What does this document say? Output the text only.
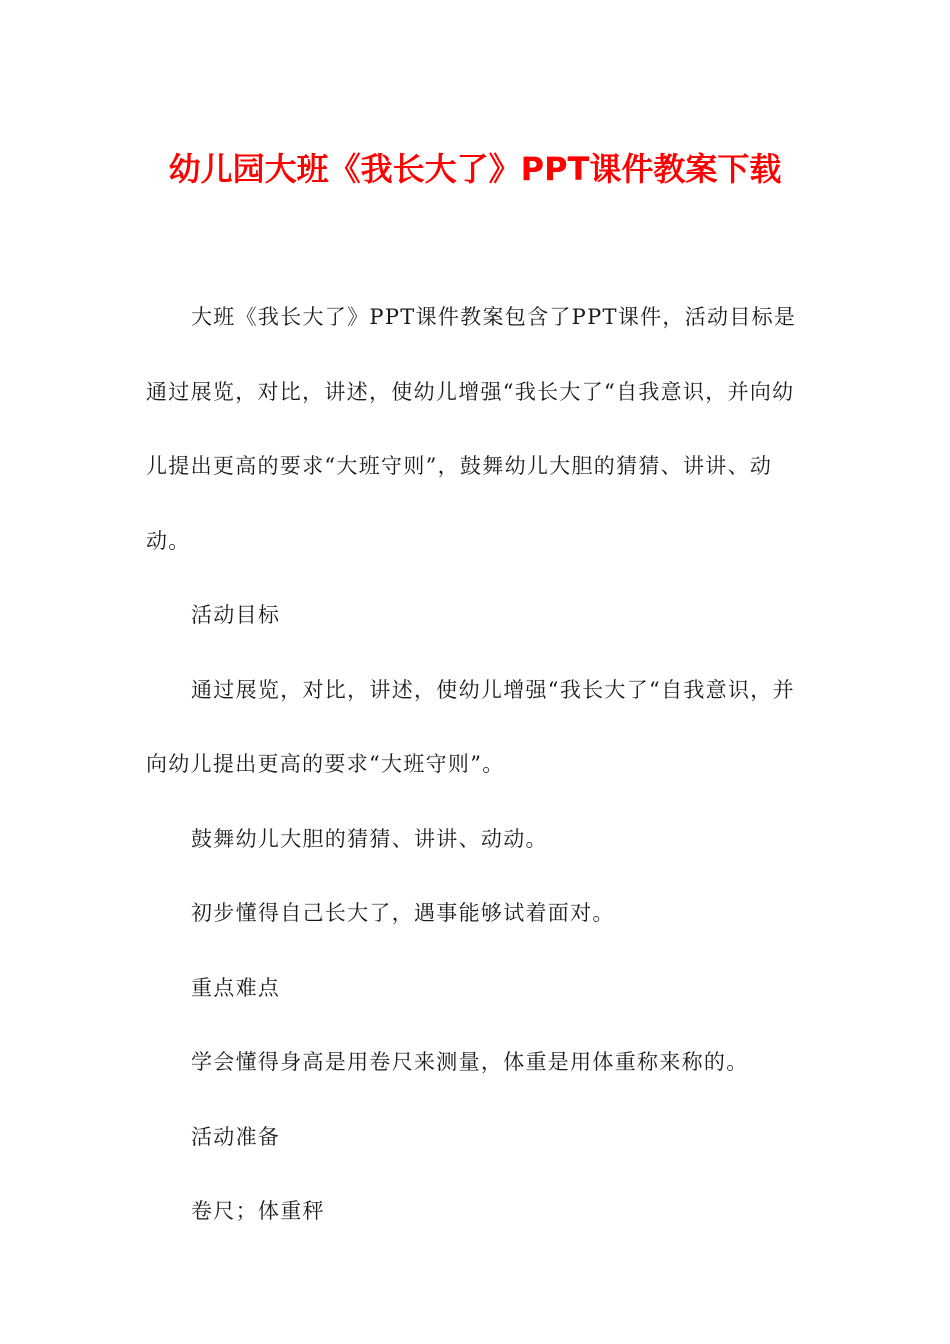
幼儿园大班《我长大了》PPT课件教案下载

大班《我长大了》PPT课件教案包含了PPT课件，活动目标是通过展览，对比，讲述，使幼儿增强“我长大了“自我意识，并向幼儿提出更高的要求“大班守则”，鼓舞幼儿大胆的猜猜、讲讲、动动。

活动目标

通过展览，对比，讲述，使幼儿增强“我长大了“自我意识，并向幼儿提出更高的要求“大班守则”。

鼓舞幼儿大胆的猜猜、讲讲、动动。

初步懂得自己长大了，遇事能够试着面对。

重点难点

学会懂得身高是用卷尺来测量，体重是用体重称来称的。

活动准备

卷尺；体重秤
